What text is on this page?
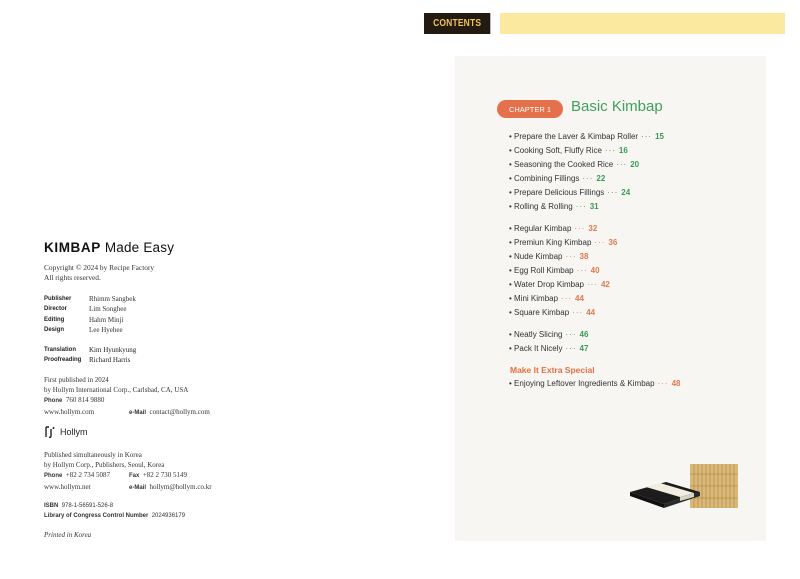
KIMBAP Made Easy
Copyright © 2024 by Recipe Factory
All rights reserved.
Publisher	Rhimm Sangbek
Director	Lim Songhee
Editing	Hahm Minji
Design	Lee Hyehee
Translation	Kim Hyunkyung
Proofreading	Richard Harris
First published in 2024
by Hollym International Corp., Carlsbad, CA, USA
Phone 760 814 9880
www.hollym.com	e-Mail contact@hollym.com
Hollym
Published simultaneously in Korea
by Hollym Corp., Publishers, Seoul, Korea
Phone +82 2 734 5087	Fax +82 2 730 5149
www.hollym.net	e-Mail hollym@hollym.co.kr
ISBN 978-1-56591-526-8
Library of Congress Control Number 2024936179
Printed in Korea
CONTENTS
CHAPTER 1	Basic Kimbap
• Prepare the Laver & Kimbap Roller ··· 15
• Cooking Soft, Fluffy Rice ··· 16
• Seasoning the Cooked Rice ··· 20
• Combining Fillings ··· 22
• Prepare Delicious Fillings ··· 24
• Rolling & Rolling ··· 31
• Regular Kimbap ··· 32
• Premiun King Kimbap ··· 36
• Nude Kimbap ··· 38
• Egg Roll Kimbap ··· 40
• Water Drop Kimbap ··· 42
• Mini Kimbap ··· 44
• Square Kimbap ··· 44
• Neatly Slicing ··· 46
• Pack It Nicely ··· 47
Make It Extra Special
• Enjoying Leftover Ingredients & Kimbap ··· 48
